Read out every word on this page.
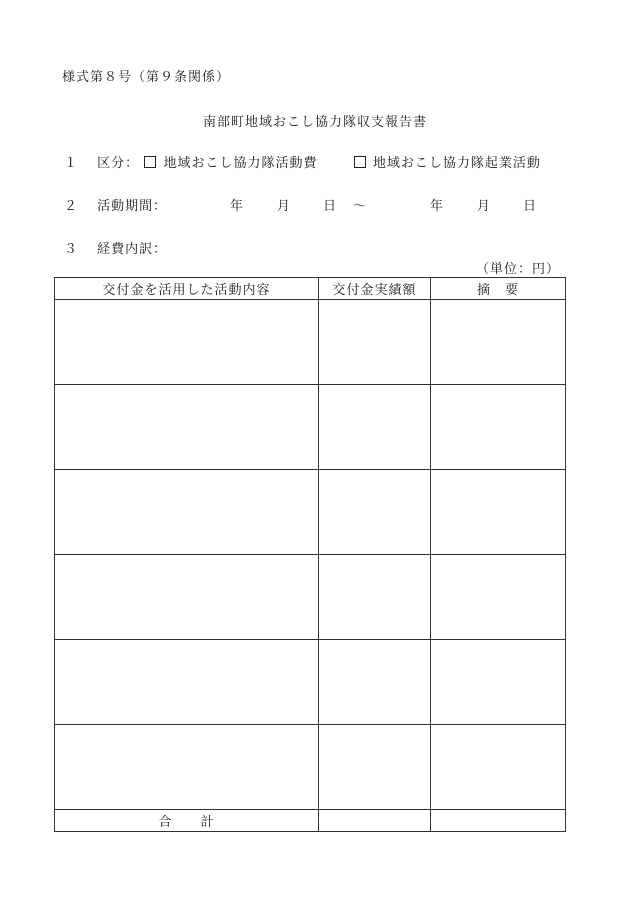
様式第８号（第９条関係）
南部町地域おこし協力隊収支報告書
１ 区分： 地域おこし協力隊活動費	地域おこし協力隊起業活動
２ 活動期間：	年	月 日 ～	年	月 日
３ 経費内訳：
（単位：円）
交付金を活用した活動内容	交付金実績額	摘　要

合　　計		
